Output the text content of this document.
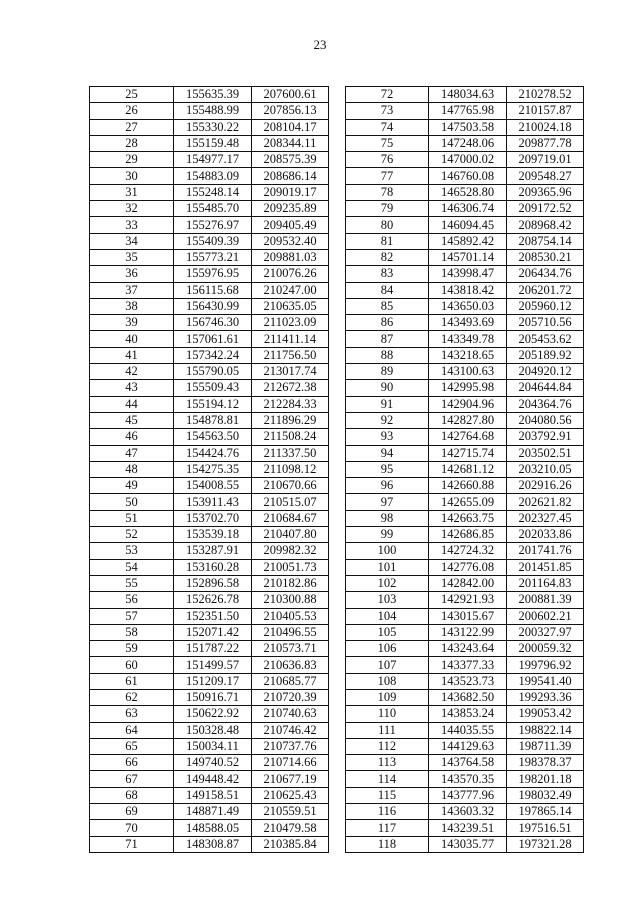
23
25	155635.39	207600.61
26	155488.99	207856.13
27	155330.22	208104.17
28	155159.48	208344.11
29	154977.17	208575.39
30	154883.09	208686.14
31	155248.14	209019.17
32	155485.70	209235.89
33	155276.97	209405.49
34	155409.39	209532.40
35	155773.21	209881.03
36	155976.95	210076.26
37	156115.68	210247.00
38	156430.99	210635.05
39	156746.30	211023.09
40	157061.61	211411.14
41	157342.24	211756.50
42	155790.05	213017.74
43	155509.43	212672.38
44	155194.12	212284.33
45	154878.81	211896.29
46	154563.50	211508.24
47	154424.76	211337.50
48	154275.35	211098.12
49	154008.55	210670.66
50	153911.43	210515.07
51	153702.70	210684.67
52	153539.18	210407.80
53	153287.91	209982.32
54	153160.28	210051.73
55	152896.58	210182.86
56	152626.78	210300.88
57	152351.50	210405.53
58	152071.42	210496.55
59	151787.22	210573.71
60	151499.57	210636.83
61	151209.17	210685.77
62	150916.71	210720.39
63	150622.92	210740.63
64	150328.48	210746.42
65	150034.11	210737.76
66	149740.52	210714.66
67	149448.42	210677.19
68	149158.51	210625.43
69	148871.49	210559.51
70	148588.05	210479.58
71	148308.87	210385.84
72	148034.63	210278.52
73	147765.98	210157.87
74	147503.58	210024.18
75	147248.06	209877.78
76	147000.02	209719.01
77	146760.08	209548.27
78	146528.80	209365.96
79	146306.74	209172.52
80	146094.45	208968.42
81	145892.42	208754.14
82	145701.14	208530.21
83	143998.47	206434.76
84	143818.42	206201.72
85	143650.03	205960.12
86	143493.69	205710.56
87	143349.78	205453.62
88	143218.65	205189.92
89	143100.63	204920.12
90	142995.98	204644.84
91	142904.96	204364.76
92	142827.80	204080.56
93	142764.68	203792.91
94	142715.74	203502.51
95	142681.12	203210.05
96	142660.88	202916.26
97	142655.09	202621.82
98	142663.75	202327.45
99	142686.85	202033.86
100	142724.32	201741.76
101	142776.08	201451.85
102	142842.00	201164.83
103	142921.93	200881.39
104	143015.67	200602.21
105	143122.99	200327.97
106	143243.64	200059.32
107	143377.33	199796.92
108	143523.73	199541.40
109	143682.50	199293.36
110	143853.24	199053.42
111	144035.55	198822.14
112	144129.63	198711.39
113	143764.58	198378.37
114	143570.35	198201.18
115	143777.96	198032.49
116	143603.32	197865.14
117	143239.51	197516.51
118	143035.77	197321.28
